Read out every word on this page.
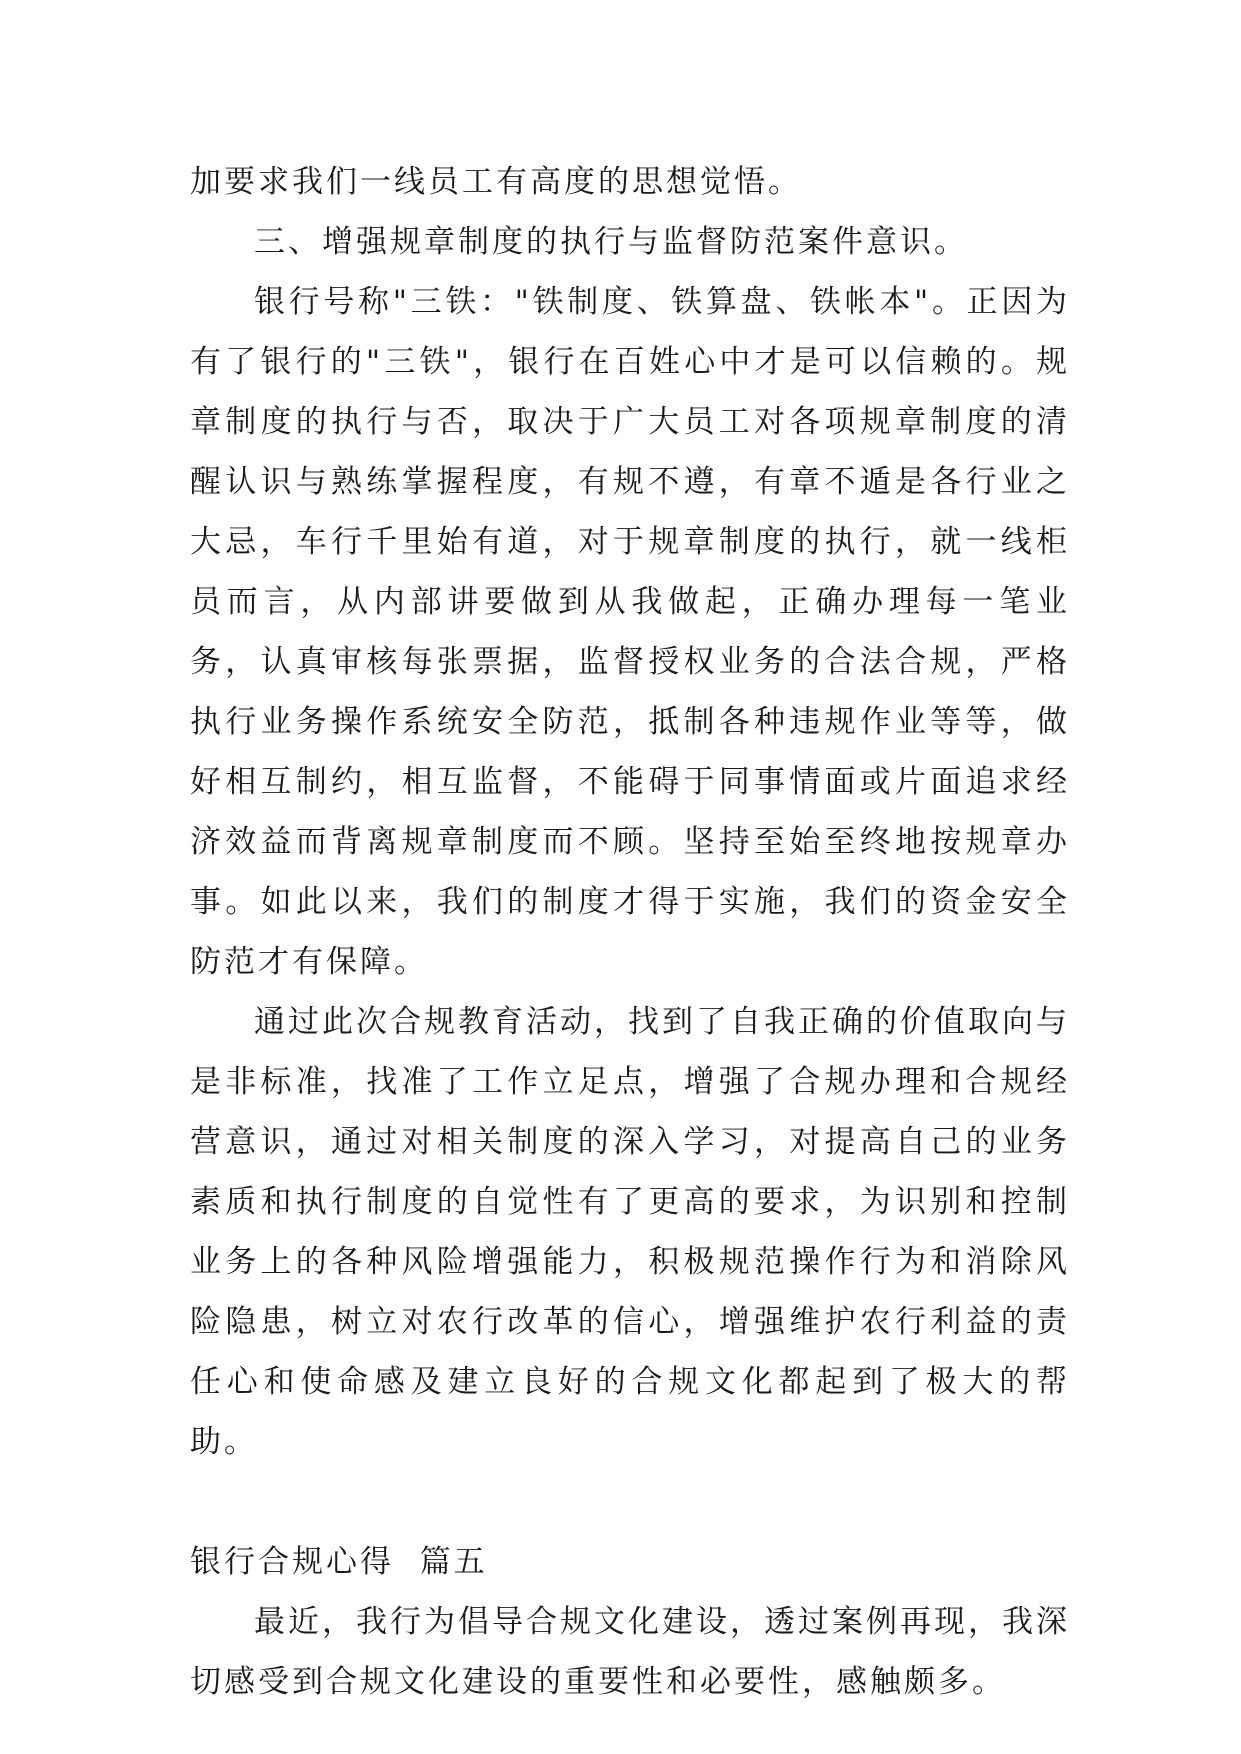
加要求我们一线员工有高度的思想觉悟。

三、增强规章制度的执行与监督防范案件意识。

银行号称"三铁："铁制度、铁算盘、铁帐本"。正因为有了银行的"三铁"，银行在百姓心中才是可以信赖的。规章制度的执行与否，取决于广大员工对各项规章制度的清醒认识与熟练掌握程度，有规不遵，有章不遁是各行业之大忌，车行千里始有道，对于规章制度的执行，就一线柜员而言，从内部讲要做到从我做起，正确办理每一笔业务，认真审核每张票据，监督授权业务的合法合规，严格执行业务操作系统安全防范，抵制各种违规作业等等，做好相互制约，相互监督，不能碍于同事情面或片面追求经济效益而背离规章制度而不顾。坚持至始至终地按规章办事。如此以来，我们的制度才得于实施，我们的资金安全防范才有保障。

通过此次合规教育活动，找到了自我正确的价值取向与是非标准，找准了工作立足点，增强了合规办理和合规经营意识，通过对相关制度的深入学习，对提高自己的业务素质和执行制度的自觉性有了更高的要求，为识别和控制业务上的各种风险增强能力，积极规范操作行为和消除风险隐患，树立对农行改革的信心，增强维护农行利益的责任心和使命感及建立良好的合规文化都起到了极大的帮助。

银行合规心得  篇五

最近，我行为倡导合规文化建设，透过案例再现，我深切感受到合规文化建设的重要性和必要性，感触颇多。
